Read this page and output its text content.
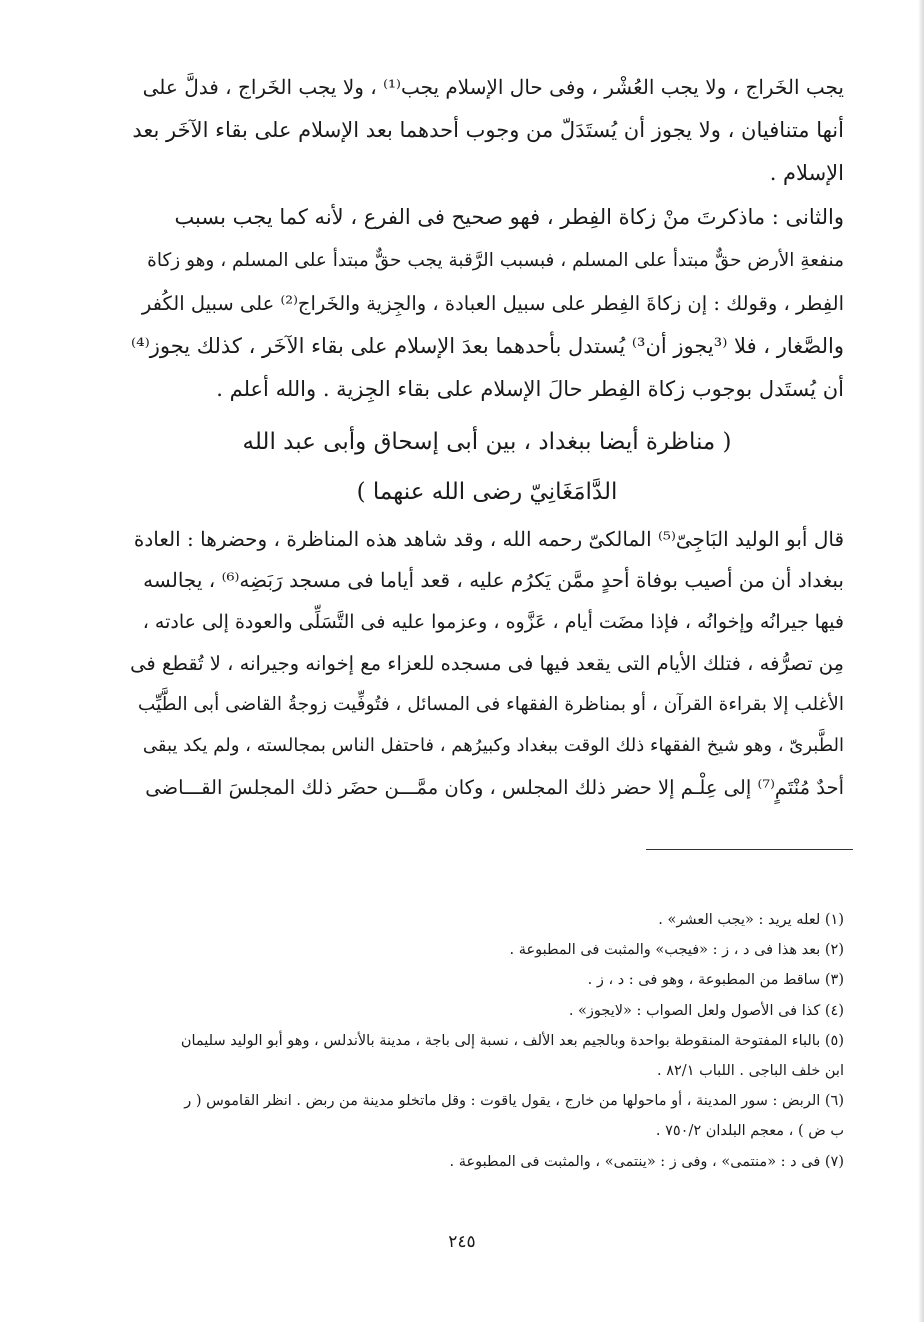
يجب الخَراج ، ولا يجب العُشْر ، وفى حال الإسلام يجب⁽¹⁾ ، ولا يجب الخَراج ، فدلَّ على
أنها متنافيان ، ولا يجوز أن يُستَدَلّ من وجوب أحدهما بعد الإسلام على بقاء الآخَر بعد
الإسلام .
والثانى : ماذكرتَ منْ زكاة الفِطر ، فهو صحيح فى الفرع ، لأنه كما يجب بسبب
منفعةِ الأرض حقٌّ مبتدأ على المسلم ، فبسبب الرَّقبة يجب حقٌّ مبتدأ على المسلم ، وهو زكاة
الفِطر ، وقولك : إن زكاةَ الفِطر على سبيل العبادة ، والجِزية والخَراج⁽²⁾ على سبيل الكُفر
والصَّغار ، فلا ⁽³يجوز أن³⁾ يُستدل بأحدهما بعدَ الإسلام على بقاء الآخَر ، كذلك يجوز⁽⁴⁾
أن يُستَدل بوجوب زكاة الفِطر حالَ الإسلام على بقاء الجِزية . والله أعلم .
( مناظرة أيضا ببغداد ، بين أبى إسحاق وأبى عبد الله
الدَّامَغَانِيّ رضى الله عنهما )
قال أبو الوليد البَاجِىّ⁽⁵⁾ المالكىّ رحمه الله ، وقد شاهد هذه المناظرة ، وحضرها : العادة
ببغداد أن من أصيب بوفاة أحدٍ ممَّن يَكرُم عليه ، قعد أياما فى مسجد رَبَضِه⁽⁶⁾ ، يجالسه
فيها جيرانُه وإخوانُه ، فإذا مضَت أيام ، عَزَّوه ، وعزموا عليه فى التَّسَلِّى والعودة إلى عادته ،
مِن تصرُّفه ، فتلك الأيام التى يقعد فيها فى مسجده للعزاء مع إخوانه وجيرانه ، لا تُقطع فى
الأغلب إلا بقراءة القرآن ، أو بمناظرة الفقهاء فى المسائل ، فتُوفِّيت زوجةُ القاضى أبى الطَّيِّب
الطَّبرىّ ، وهو شيخ الفقهاء ذلك الوقت ببغداد وكبيرُهم ، فاحتفل الناس بمجالسته ، ولم يكد يبقى
أحدٌ مُنْتَمٍ⁽⁷⁾ إلى عِلْـم إلا حضر ذلك المجلس ، وكان ممَّـــن حضَر ذلك المجلسَ القـــاضى
(١) لعله يريد : «يجب العشر» .
(٢) بعد هذا فى د ، ز : «فيجب» والمثبت فى المطبوعة .
(٣) ساقط من المطبوعة ، وهو فى : د ، ز .
(٤) كذا فى الأصول ولعل الصواب : «لايجوز» .
(٥) بالباء المفتوحة المنقوطة بواحدة وبالجيم بعد الألف ، نسبة إلى باجة ، مدينة بالأندلس ، وهو أبو الوليد سليمان
ابن خلف الباجى . اللباب ٨٢/١ .
(٦) الربض : سور المدينة ، أو ماحولها من خارج ، يقول ياقوت : وقل ماتخلو مدينة من ربض . انظر القاموس ( ر
ب ض ) ، معجم البلدان ٧٥٠/٢ .
(٧) فى د : «منتمى» ، وفى ز : «ينتمى» ، والمثبت فى المطبوعة .
٢٤٥
